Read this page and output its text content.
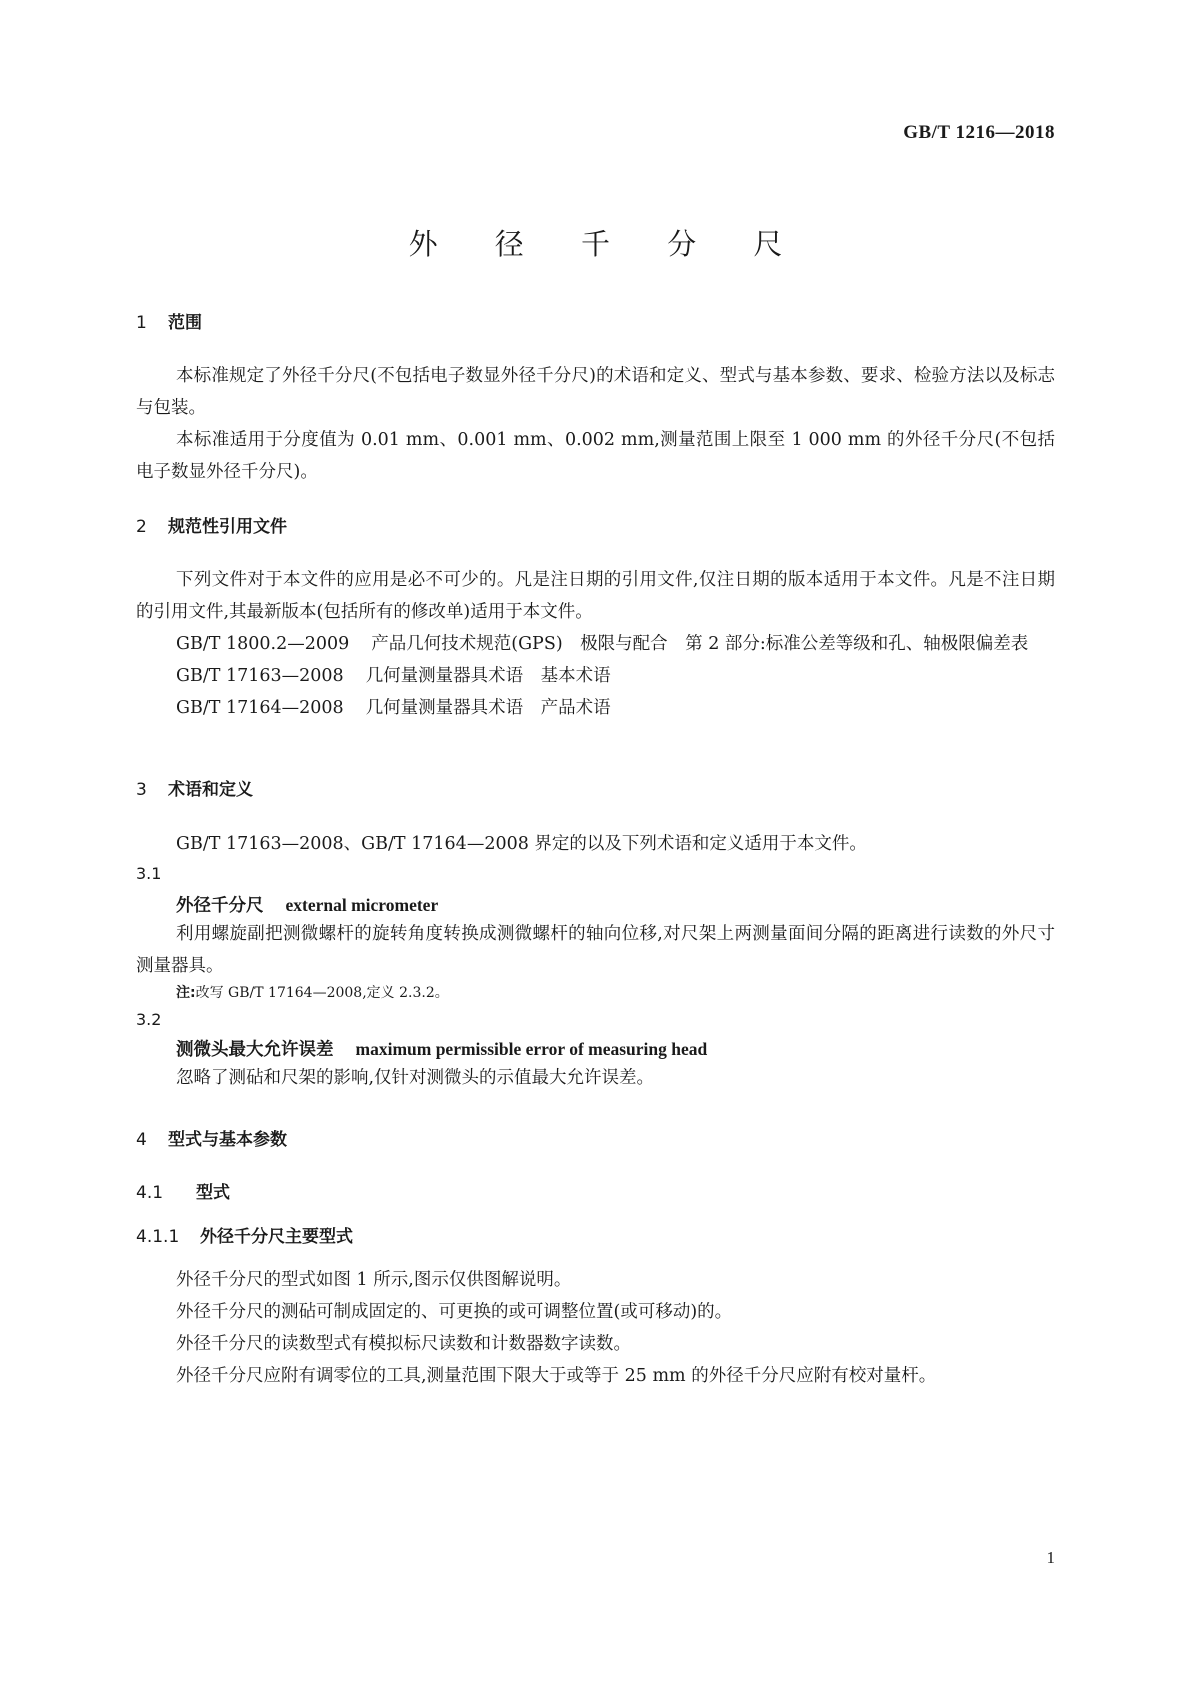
GB/T 1216—2018
外 径 千 分 尺
1 范围

本标准规定了外径千分尺(不包括电子数显外径千分尺)的术语和定义、型式与基本参数、要求、检验方法以及标志与包装。

本标准适用于分度值为 0.01 mm、0.001 mm、0.002 mm,测量范围上限至 1 000 mm 的外径千分尺(不包括电子数显外径千分尺)。

2 规范性引用文件

下列文件对于本文件的应用是必不可少的。凡是注日期的引用文件,仅注日期的版本适用于本文件。凡是不注日期的引用文件,其最新版本(包括所有的修改单)适用于本文件。

GB/T 1800.2—2009 产品几何技术规范(GPS)　极限与配合　第 2 部分:标准公差等级和孔、轴极限偏差表

GB/T 17163—2008 几何量测量器具术语　基本术语

GB/T 17164—2008 几何量测量器具术语　产品术语

3 术语和定义

GB/T 17163—2008、GB/T 17164—2008 界定的以及下列术语和定义适用于本文件。

3.1
外径千分尺 external micrometer

利用螺旋副把测微螺杆的旋转角度转换成测微螺杆的轴向位移,对尺架上两测量面间分隔的距离进行读数的外尺寸测量器具。

注:改写 GB/T 17164—2008,定义 2.3.2。
3.2
测微头最大允许误差 maximum permissible error of measuring head

忽略了测砧和尺架的影响,仅针对测微头的示值最大允许误差。

4 型式与基本参数
4.1 型式
4.1.1 外径千分尺主要型式

外径千分尺的型式如图 1 所示,图示仅供图解说明。

外径千分尺的测砧可制成固定的、可更换的或可调整位置(或可移动)的。

外径千分尺的读数型式有模拟标尺读数和计数器数字读数。

外径千分尺应附有调零位的工具,测量范围下限大于或等于 25 mm 的外径千分尺应附有校对量杆。

1
